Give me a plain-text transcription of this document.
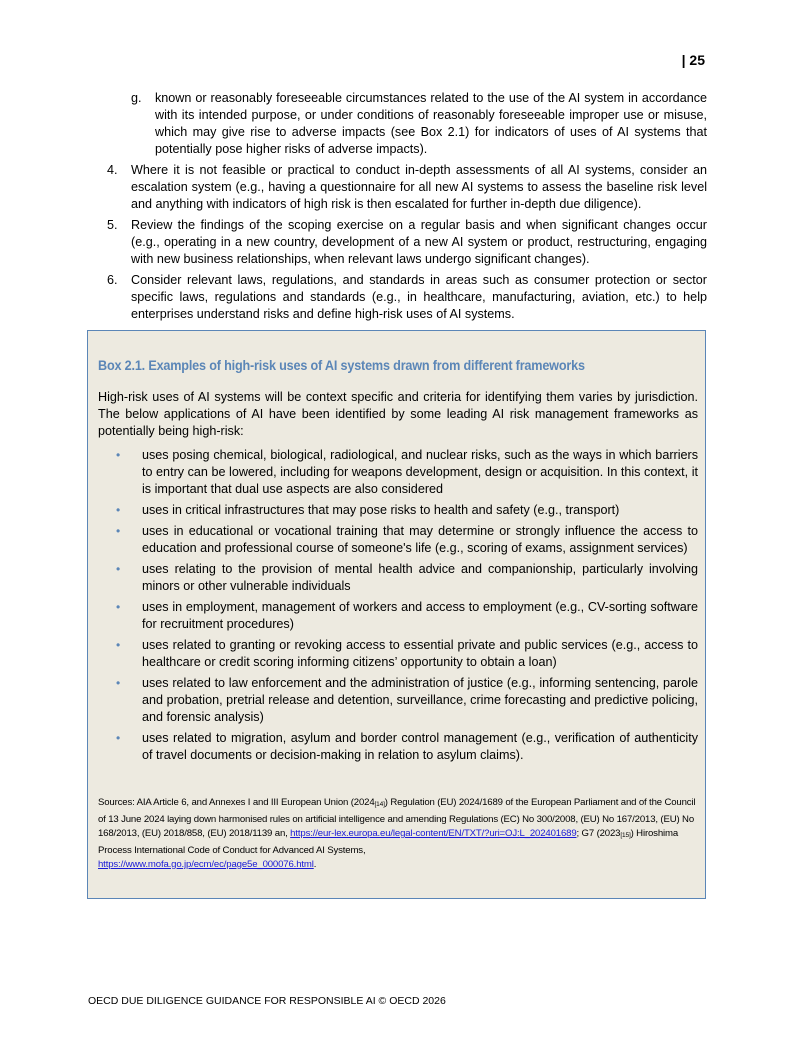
| 25
g.	known or reasonably foreseeable circumstances related to the use of the AI system in accordance with its intended purpose, or under conditions of reasonably foreseeable improper use or misuse, which may give rise to adverse impacts (see Box 2.1) for indicators of uses of AI systems that potentially pose higher risks of adverse impacts).
4.	Where it is not feasible or practical to conduct in-depth assessments of all AI systems, consider an escalation system (e.g., having a questionnaire for all new AI systems to assess the baseline risk level and anything with indicators of high risk is then escalated for further in-depth due diligence).
5.	Review the findings of the scoping exercise on a regular basis and when significant changes occur (e.g., operating in a new country, development of a new AI system or product, restructuring, engaging with new business relationships, when relevant laws undergo significant changes).
6.	Consider relevant laws, regulations, and standards in areas such as consumer protection or sector specific laws, regulations and standards (e.g., in healthcare, manufacturing, aviation, etc.) to help enterprises understand risks and define high-risk uses of AI systems.
Box 2.1. Examples of high-risk uses of AI systems drawn from different frameworks
High-risk uses of AI systems will be context specific and criteria for identifying them varies by jurisdiction. The below applications of AI have been identified by some leading AI risk management frameworks as potentially being high-risk:
•	uses posing chemical, biological, radiological, and nuclear risks, such as the ways in which barriers to entry can be lowered, including for weapons development, design or acquisition. In this context, it is important that dual use aspects are also considered
•	uses in critical infrastructures that may pose risks to health and safety (e.g., transport)
•	uses in educational or vocational training that may determine or strongly influence the access to education and professional course of someone's life (e.g., scoring of exams, assignment services)
•	uses relating to the provision of mental health advice and companionship, particularly involving minors or other vulnerable individuals
•	uses in employment, management of workers and access to employment (e.g., CV-sorting software for recruitment procedures)
•	uses related to granting or revoking access to essential private and public services (e.g., access to healthcare or credit scoring informing citizens’ opportunity to obtain a loan)
•	uses related to law enforcement and the administration of justice (e.g., informing sentencing, parole and probation, pretrial release and detention, surveillance, crime forecasting and predictive policing, and forensic analysis)
•	uses related to migration, asylum and border control management (e.g., verification of authenticity of travel documents or decision-making in relation to asylum claims).
Sources: AIA Article 6, and Annexes I and III European Union $(2024_{[14]})$ Regulation (EU) 2024/1689 of the European Parliament and of the Council of 13 June 2024 laying down harmonised rules on artificial intelligence and amending Regulations (EC) No 300/2008, (EU) No 167/2013, (EU) No 168/2013, (EU) 2018/858, (EU) 2018/1139 an, https://eur-lex.europa.eu/legal-content/EN/TXT/?uri=OJ:L_202401689; G7 $(2023_{[15]})$ Hiroshima Process International Code of Conduct for Advanced AI Systems,
https://www.mofa.go.jp/ecm/ec/page5e_000076.html.
OECD DUE DILIGENCE GUIDANCE FOR RESPONSIBLE AI © OECD 2026
